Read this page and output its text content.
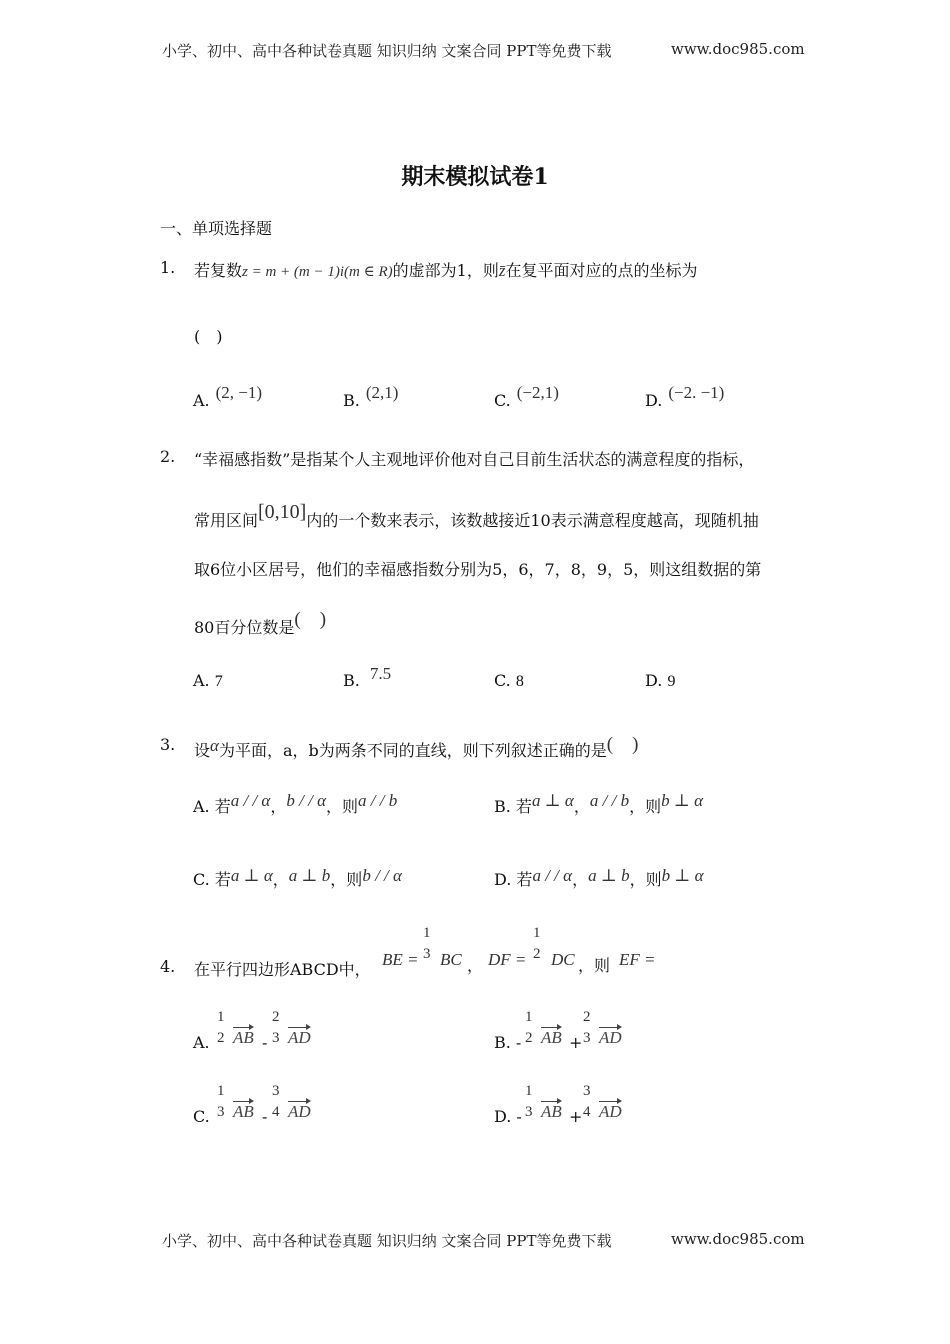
小学、初中、高中各种试卷真题 知识归纳 文案合同 PPT等免费下载	www.doc985.com
期末模拟试卷1
一、单项选择题
1. 若复数z = m + (m − 1)i(m ∈ R)的虚部为1，则z̄在复平面对应的点的坐标为
(　)
A. (2, −1)	B. (2,1)	C. (−2,1)	D. (−2. −1)
2. “幸福感指数”是指某个人主观地评价他对自己目前生活状态的满意程度的指标，
常用区间[0,10]内的一个数来表示，该数越接近10表示满意程度越高，现随机抽
取6位小区居号，他们的幸福感指数分别为5，6，7，8，9，5，则这组数据的第
80百分位数是(　)
A. 7	B. 7.5	C. 8	D. 9
3. 设α为平面，a，b为两条不同的直线，则下列叙述正确的是(　)
A. 若a / / α，b / / α，则a / / b	B. 若a ⊥ α，a / / b，则b ⊥ α
C. 若a ⊥ α，a ⊥ b，则b / / α	D. 若a / / α，a ⊥ b，则b ⊥ α
4. 在平行四边形ABCD中，
BE =
1
3 BC ， DF =
1
2 DC ，则 EF =
A.
1
2 AB -
2
3 AD	B. -
1
2 AB +
2
3 AD
C.
1
3 AB -
3
4 AD	D. -
1
3 AB +
3
4 AD
小学、初中、高中各种试卷真题 知识归纳 文案合同 PPT等免费下载	www.doc985.com
